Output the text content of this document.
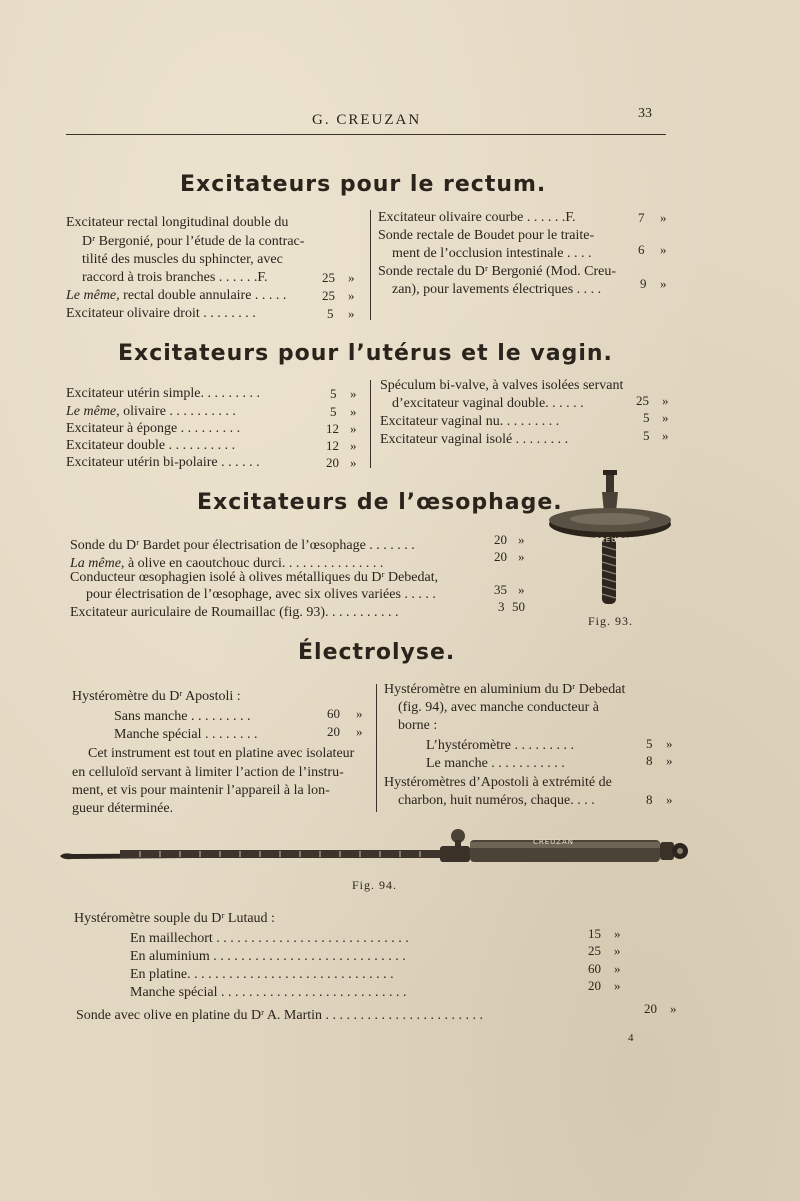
G. CREUZAN	33
Excitateurs pour le rectum.
Excitateur rectal longitudinal double du
Dʳ Bergonié, pour l’étude de la contrac-
tilité des muscles du sphincter, avec
raccord à trois branches . . . . . .F.	25 »
Le même, rectal double annulaire . . . . .	25 »
Excitateur olivaire droit . . . . . . . .	5 »
Excitateur olivaire courbe . . . . . .F.	7 »
Sonde rectale de Boudet pour le traite-
ment de l’occlusion intestinale . . . .	6 »
Sonde rectale du Dʳ Bergonié (Mod. Creu-
zan), pour lavements électriques . . . .	9 »
Excitateurs pour l’utérus et le vagin.
Excitateur utérin simple. . . . . . . . .	5 »
Le même, olivaire . . . . . . . . . .	5 »
Excitateur à éponge . . . . . . . . .	12 »
Excitateur double . . . . . . . . . .	12 »
Excitateur utérin bi-polaire . . . . . .	20 »
Spéculum bi-valve, à valves isolées servant
d’excitateur vaginal double. . . . . .	25 »
Excitateur vaginal nu. . . . . . . . .	5 »
Excitateur vaginal isolé . . . . . . . .	5 »
Excitateurs de l’œsophage.
Sonde du Dʳ Bardet pour électrisation de l’œsophage . . . . . . .	20 »
La même, à olive en caoutchouc durci. . . . . . . . . . . . . . .	20 »
Conducteur œsophagien isolé à olives métalliques du Dʳ Debedat,
pour électrisation de l’œsophage, avec six olives variées . . . . .	35 »
Excitateur auriculaire de Roumaillac (fig. 93). . . . . . . . . . .	3 50
CREUZAN
Fig. 93.
Électrolyse.
Hystéromètre du Dʳ Apostoli :
Sans manche . . . . . . . . .	60 »
Manche spécial . . . . . . . .	20 »
Cet instrument est tout en platine avec isolateur
en celluloïd servant à limiter l’action de l’instru-
ment, et vis pour maintenir l’appareil à la lon-
gueur déterminée.
Hystéromètre en aluminium du Dʳ Debedat
(fig. 94), avec manche conducteur à
borne :
L’hystéromètre . . . . . . . . .	5 »
Le manche . . . . . . . . . . .	8 »
Hystéromètres d’Apostoli à extrémité de
charbon, huit numéros, chaque. . . .	8 »
CREUZAN
Fig. 94.
Hystéromètre souple du Dʳ Lutaud :
En maillechort . . . . . . . . . . . . . . . . . . . . . . . . . . . .	15 »
En aluminium . . . . . . . . . . . . . . . . . . . . . . . . . . . .	25 »
En platine. . . . . . . . . . . . . . . . . . . . . . . . . . . . . .	60 »
Manche spécial . . . . . . . . . . . . . . . . . . . . . . . . . . .	20 »
Sonde avec olive en platine du Dʳ A. Martin . . . . . . . . . . . . . . . . . . . . . . .	20 »
4
